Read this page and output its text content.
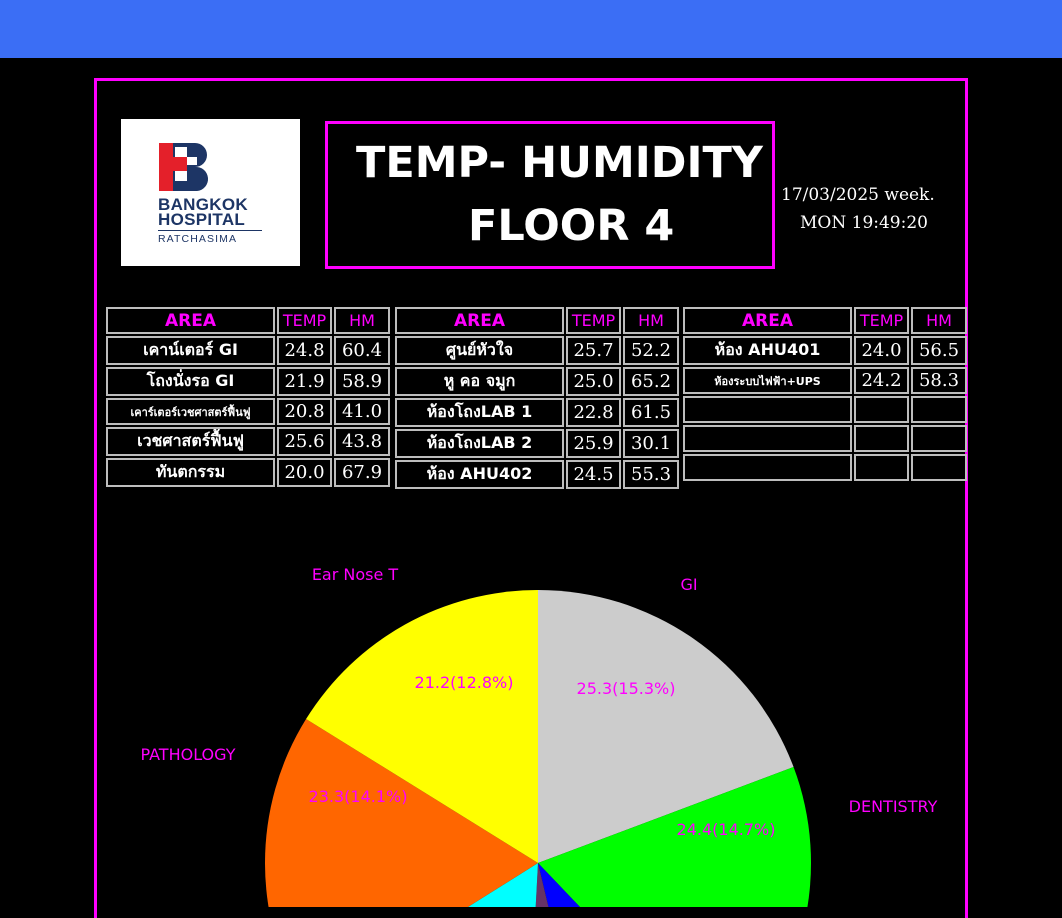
BANGKOK
HOSPITAL
RATCHASIMA
TEMP- HUMIDITY
FLOOR 4
17/03/2025 week.
MON 19:49:20
AREA	TEMP	HM
เคาน์เตอร์ GI	24.8	60.4
โถงนั่งรอ GI	21.9	58.9
เคาร์เตอร์เวชศาสตร์ฟื้นฟู	20.8	41.0
เวชศาสตร์ฟื้นฟู	25.6	43.8
ทันตกรรม	20.0	67.9
AREA	TEMP	HM
ศูนย์หัวใจ	25.7	52.2
หู คอ จมูก	25.0	65.2
ห้องโถงLAB 1	22.8	61.5
ห้องโถงLAB 2	25.9	30.1
ห้อง AHU402	24.5	55.3
AREA	TEMP	HM
ห้อง AHU401	24.0	56.5
ห้องระบบไฟฟ้า+UPS	24.2	58.3

GI
25.3(15.3%)
DENTISTRY
24.4(14.7%)
PATHOLOGY
23.3(14.1%)
Ear Nose T
21.2(12.8%)
